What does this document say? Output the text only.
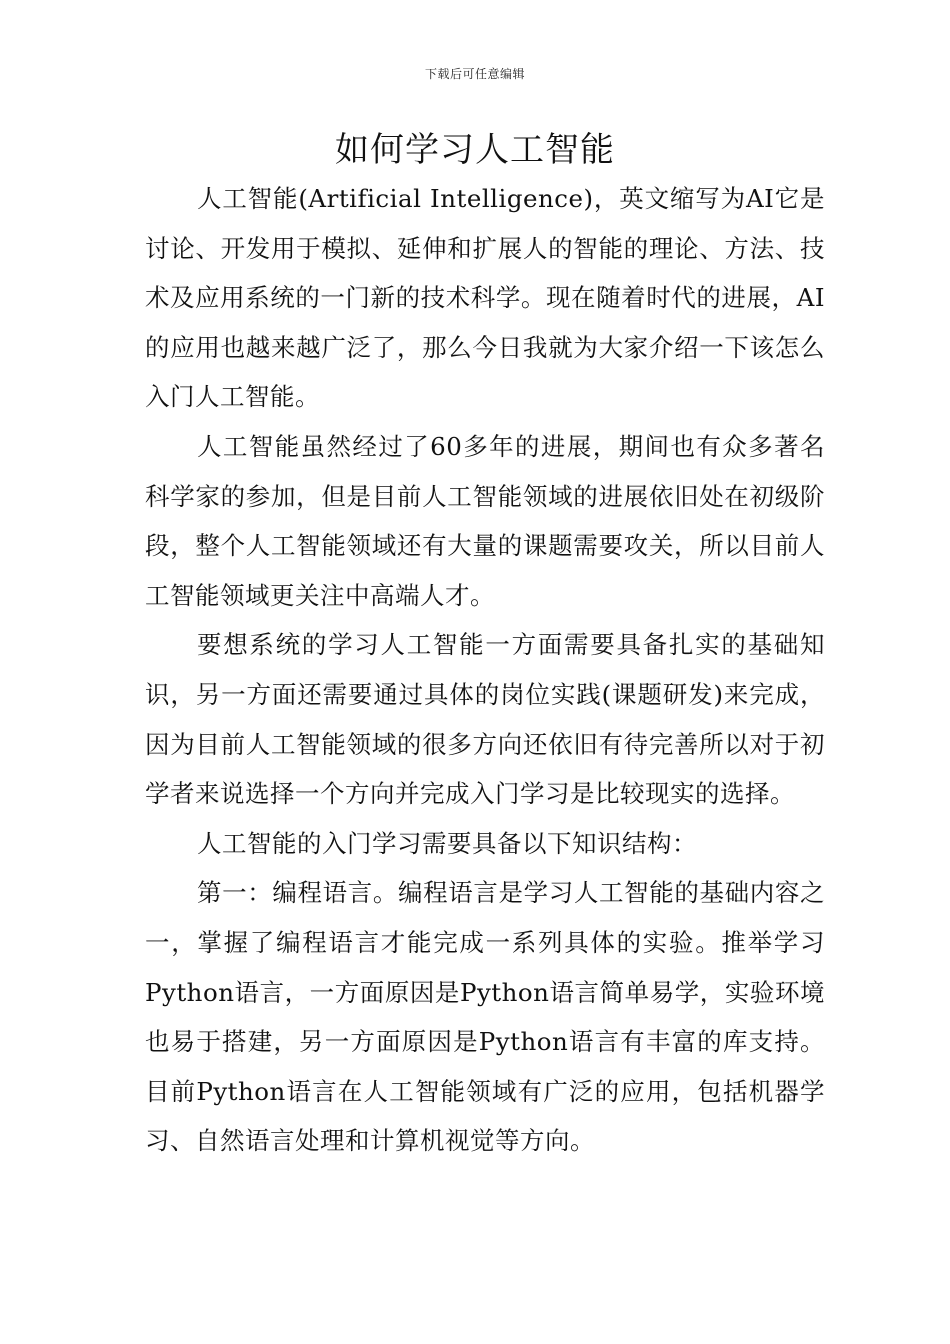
下载后可任意编辑
如何学习人工智能

人工智能(Artificial Intelligence)，英文缩写为AI它是讨论、开发用于模拟、延伸和扩展人的智能的理论、方法、技术及应用系统的一门新的技术科学。现在随着时代的进展，AI的应用也越来越广泛了，那么今日我就为大家介绍一下该怎么入门人工智能。

人工智能虽然经过了60多年的进展，期间也有众多著名科学家的参加，但是目前人工智能领域的进展依旧处在初级阶段，整个人工智能领域还有大量的课题需要攻关，所以目前人工智能领域更关注中高端人才。

要想系统的学习人工智能一方面需要具备扎实的基础知识，另一方面还需要通过具体的岗位实践(课题研发)来完成，因为目前人工智能领域的很多方向还依旧有待完善所以对于初学者来说选择一个方向并完成入门学习是比较现实的选择。

人工智能的入门学习需要具备以下知识结构：

第一：编程语言。编程语言是学习人工智能的基础内容之一，掌握了编程语言才能完成一系列具体的实验。推举学习Python语言，一方面原因是Python语言简单易学，实验环境也易于搭建，另一方面原因是Python语言有丰富的库支持。目前Python语言在人工智能领域有广泛的应用，包括机器学习、自然语言处理和计算机视觉等方向。
